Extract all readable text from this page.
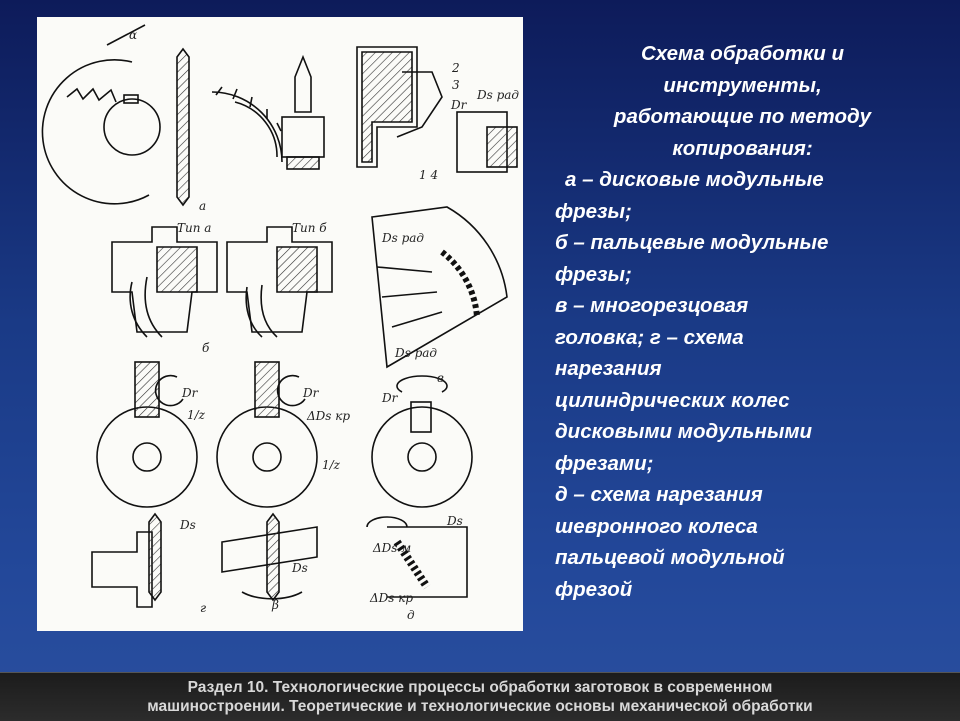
α
а
2
3
1 4
Ds рад
Dr
Тип а	Тип б
б
Ds рад
Ds рад
в
Dr	Dr	Dr
1/z
1/z
ΔDs кр
Ds
Ds
Ds
β
г
ΔDs м
ΔDs кр
д
Схема обработки и
инструменты,
работающие по методу
копирования:
а – дисковые модульные
фрезы;
б – пальцевые модульные
фрезы;
в – многорезцовая
головка; г – схема
нарезания
цилиндрических колес
дисковыми модульными
фрезами;
д – схема нарезания
шевронного колеса
пальцевой модульной
фрезой
Раздел 10. Технологические процессы обработки заготовок в современном
машиностроении. Теоретические и технологические основы механической обработки
